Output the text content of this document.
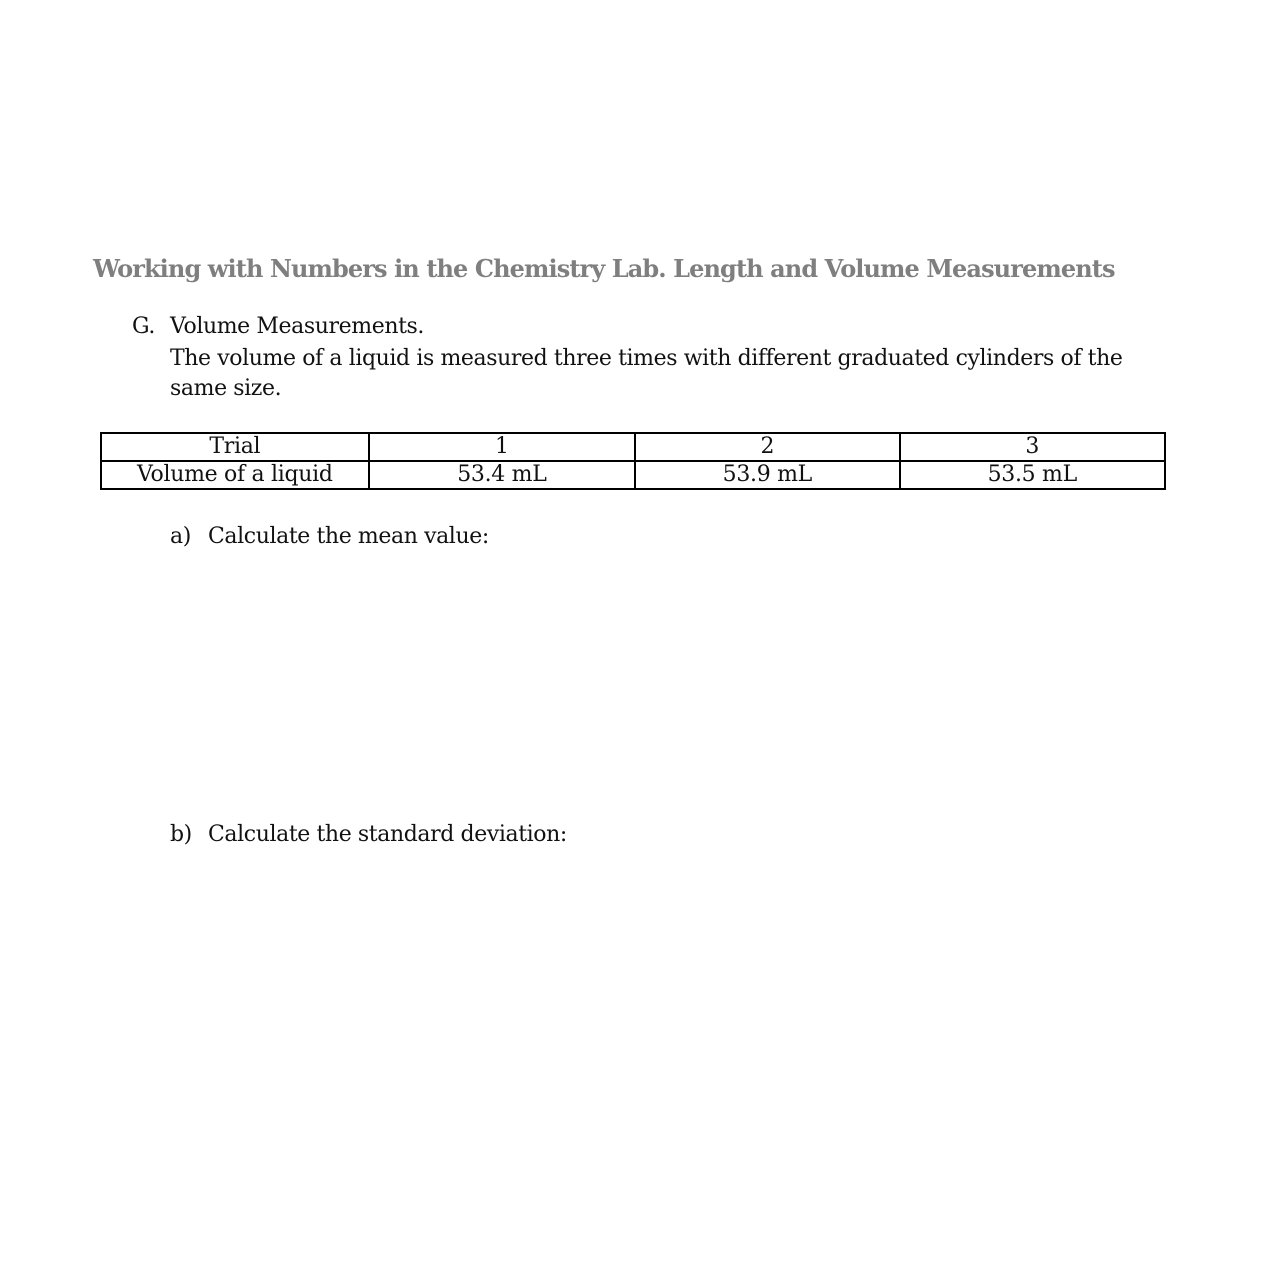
Working with Numbers in the Chemistry Lab. Length and Volume Measurements
G. Volume Measurements.
The volume of a liquid is measured three times with different graduated cylinders of the same size.
Trial	1	2	3
Volume of a liquid	53.4 mL	53.9 mL	53.5 mL
a) Calculate the mean value:
b) Calculate the standard deviation:
